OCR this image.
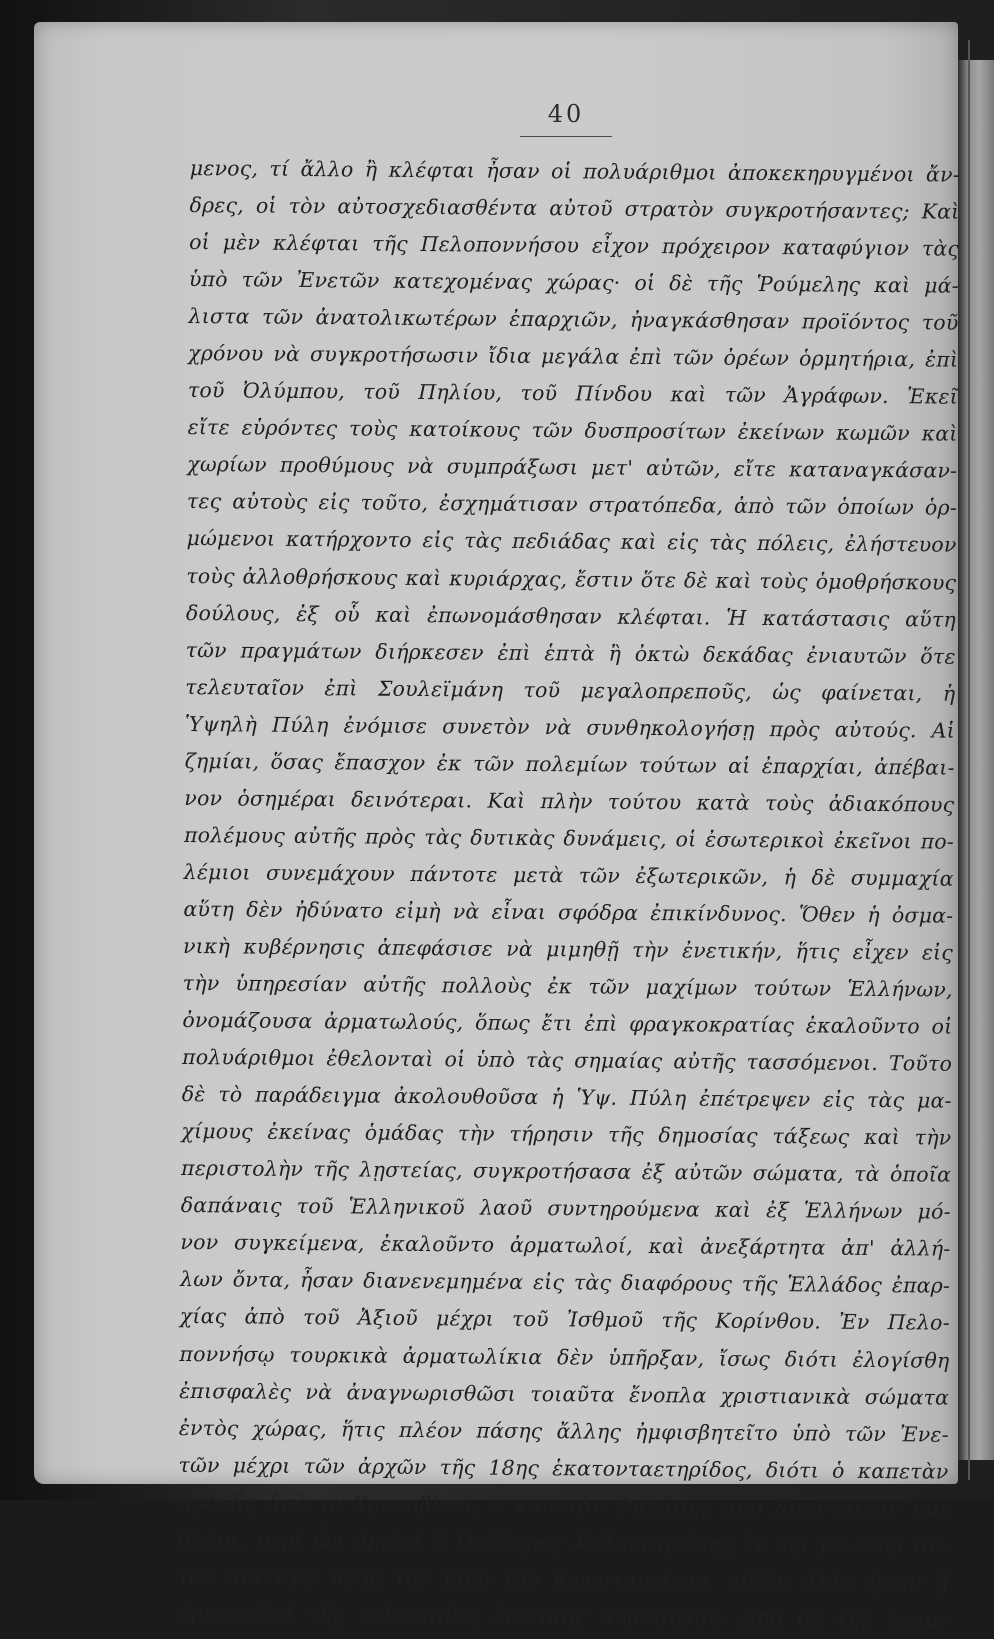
40
μενος, τί ἄλλο ἢ κλέφται ἦσαν οἱ πολυάριθμοι ἀποκεκηρυγμένοι ἄν-
δρες, οἱ τὸν αὐτοσχεδιασθέντα αὐτοῦ στρατὸν συγκροτήσαντες; Καὶ
οἱ μὲν κλέφται τῆς Πελοποννήσου εἶχον πρόχειρον καταφύγιον τὰς
ὑπὸ τῶν Ἐνετῶν κατεχομένας χώρας· οἱ δὲ τῆς Ῥούμελης καὶ μά-
λιστα τῶν ἀνατολικωτέρων ἐπαρχιῶν, ἠναγκάσθησαν προϊόντος τοῦ
χρόνου νὰ συγκροτήσωσιν ἴδια μεγάλα ἐπὶ τῶν ὀρέων ὁρμητήρια, ἐπὶ
τοῦ Ὀλύμπου, τοῦ Πηλίου, τοῦ Πίνδου καὶ τῶν Ἀγράφων. Ἐκεῖ
εἴτε εὑρόντες τοὺς κατοίκους τῶν δυσπροσίτων ἐκείνων κωμῶν καὶ
χωρίων προθύμους νὰ συμπράξωσι μετ' αὐτῶν, εἴτε καταναγκάσαν-
τες αὐτοὺς εἰς τοῦτο, ἐσχημάτισαν στρατόπεδα, ἀπὸ τῶν ὁποίων ὁρ-
μώμενοι κατήρχοντο εἰς τὰς πεδιάδας καὶ εἰς τὰς πόλεις, ἐλήστευον
τοὺς ἀλλοθρήσκους καὶ κυριάρχας, ἔστιν ὅτε δὲ καὶ τοὺς ὁμοθρήσκους
δούλους, ἐξ οὗ καὶ ἐπωνομάσθησαν κλέφται. Ἡ κατάστασις αὕτη
τῶν πραγμάτων διήρκεσεν ἐπὶ ἑπτὰ ἢ ὀκτὼ δεκάδας ἐνιαυτῶν ὅτε
τελευταῖον ἐπὶ Σουλεϊμάνη τοῦ μεγαλοπρεποῦς, ὡς φαίνεται, ἡ
Ὑψηλὴ Πύλη ἐνόμισε συνετὸν νὰ συνθηκολογήσῃ πρὸς αὐτούς. Αἱ
ζημίαι, ὅσας ἔπασχον ἐκ τῶν πολεμίων τούτων αἱ ἐπαρχίαι, ἀπέβαι-
νον ὁσημέραι δεινότεραι. Καὶ πλὴν τούτου κατὰ τοὺς ἀδιακόπους
πολέμους αὐτῆς πρὸς τὰς δυτικὰς δυνάμεις, οἱ ἐσωτερικοὶ ἐκεῖνοι πο-
λέμιοι συνεμάχουν πάντοτε μετὰ τῶν ἐξωτερικῶν, ἡ δὲ συμμαχία
αὕτη δὲν ἠδύνατο εἰμὴ νὰ εἶναι σφόδρα ἐπικίνδυνος. Ὅθεν ἡ ὀσμα-
νικὴ κυβέρνησις ἀπεφάσισε νὰ μιμηθῇ τὴν ἐνετικήν, ἥτις εἶχεν εἰς
τὴν ὑπηρεσίαν αὐτῆς πολλοὺς ἐκ τῶν μαχίμων τούτων Ἑλλήνων,
ὀνομάζουσα ἀρματωλούς, ὅπως ἔτι ἐπὶ φραγκοκρατίας ἐκαλοῦντο οἱ
πολυάριθμοι ἐθελονταὶ οἱ ὑπὸ τὰς σημαίας αὐτῆς τασσόμενοι. Τοῦτο
δὲ τὸ παράδειγμα ἀκολουθοῦσα ἡ Ὑψ. Πύλη ἐπέτρεψεν εἰς τὰς μα-
χίμους ἐκείνας ὁμάδας τὴν τήρησιν τῆς δημοσίας τάξεως καὶ τὴν
περιστολὴν τῆς λῃστείας, συγκροτήσασα ἐξ αὐτῶν σώματα, τὰ ὁποῖα
δαπάναις τοῦ Ἑλληνικοῦ λαοῦ συντηρούμενα καὶ ἐξ Ἑλλήνων μό-
νον συγκείμενα, ἐκαλοῦντο ἀρματωλοί, καὶ ἀνεξάρτητα ἀπ' ἀλλή-
λων ὄντα, ἦσαν διανενεμημένα εἰς τὰς διαφόρους τῆς Ἑλλάδος ἐπαρ-
χίας ἀπὸ τοῦ Ἀξιοῦ μέχρι τοῦ Ἰσθμοῦ τῆς Κορίνθου. Ἐν Πελο-
ποννήσῳ τουρκικὰ ἀρματωλίκια δὲν ὑπῆρξαν, ἴσως διότι ἐλογίσθη
ἐπισφαλὲς νὰ ἀναγνωρισθῶσι τοιαῦτα ἔνοπλα χριστιανικὰ σώματα
ἐντὸς χώρας, ἥτις πλέον πάσης ἄλλης ἠμφισβητεῖτο ὑπὸ τῶν Ἐνε-
τῶν μέχρι τῶν ἀρχῶν τῆς 18ης ἑκατονταετηρίδος, διότι ὁ καπετὰν
Χρονᾶς ἀπὸ τὸ Χρυσοβίτσι, ὁ καπετὰν Θανάσης ἀπὸ Καρύταιναν καὶ
ἄλλοι, περὶ ὧν ὁμιλεῖ ὁ Θεόδωρος Κολοκοτρώνης ἐν τῷ γνωστῷ αὐ-
τοῦ διαλόγῳ πρὸς τὸν υἱόν του Κωνσταντῖνον, οὐδὲν ἄλλο ἦσαν ἢ
ἀρματωλοὶ τῆς τελευταίας ἐνετικῆς κυριαρχίας. Ἀπὸ δὲ τῆς κατα-
